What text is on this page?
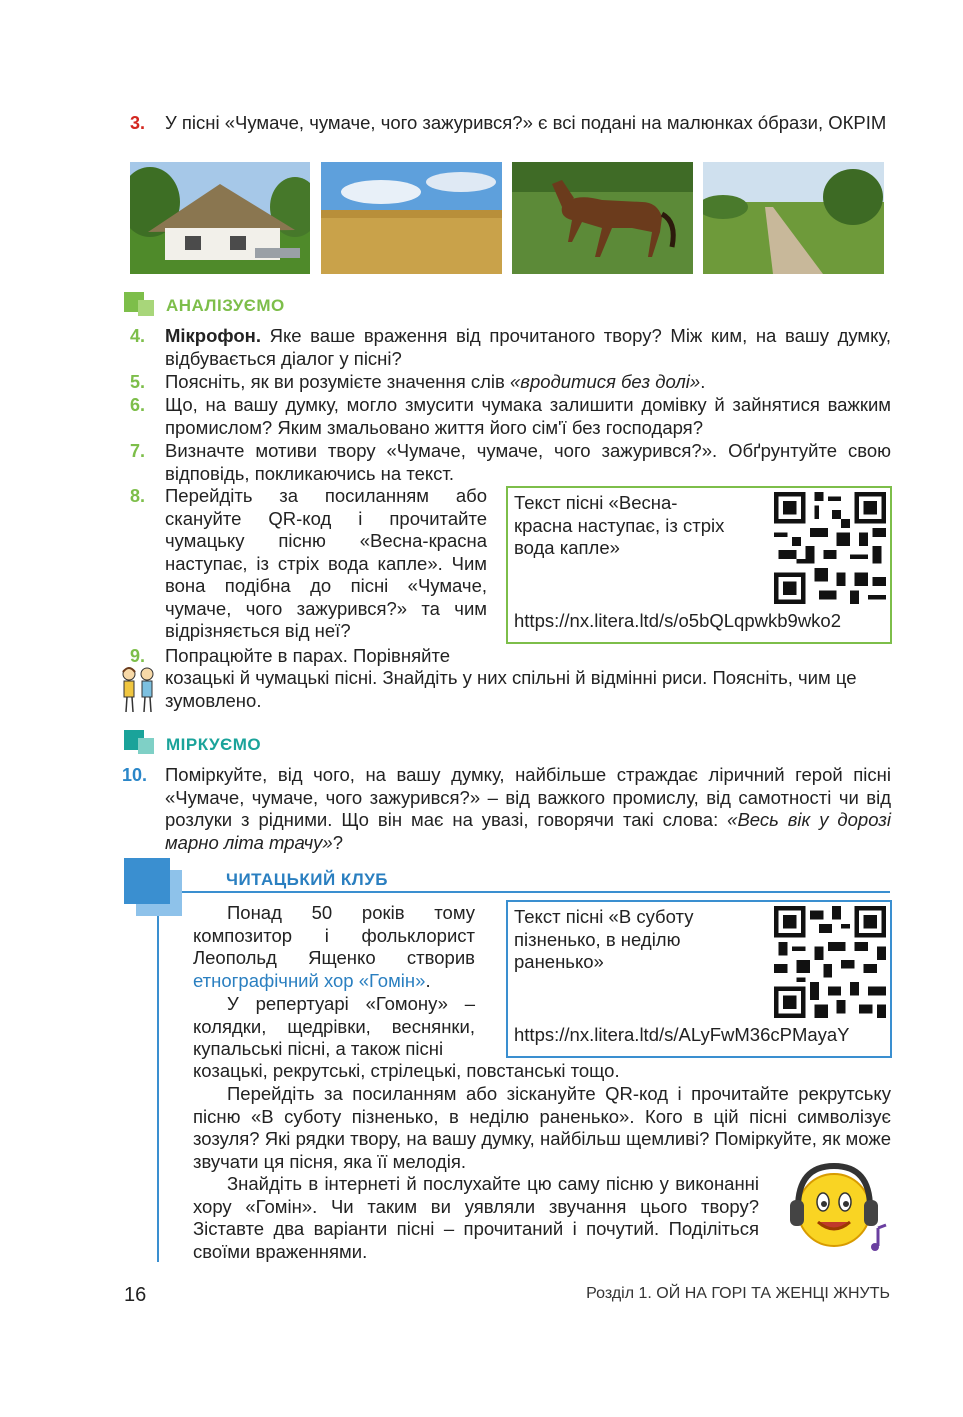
3. У пісні «Чумаче, чумаче, чого зажурився?» є всі подані на малюнках óбрази, ОКРІМ
АНАЛІЗУЄМО
4. Мікрофон. Яке ваше враження від прочитаного твору? Між ким, на вашу думку, відбувається діалог у пісні?
5. Поясніть, як ви розумієте значення слів «вродитися без долі».
6. Що, на вашу думку, могло змусити чумака залишити домівку й зайнятися важким промислом? Яким змальовано життя його сім'ї без господаря?
7. Визначте мотиви твору «Чумаче, чумаче, чого зажурився?». Обґрунтуйте свою відповідь, покликаючись на текст.
8. Перейдіть за посиланням або скануйте QR-код і прочитайте чумацьку пісню «Весна-красна наступає, із стріх вода капле». Чим вона подібна до пісні «Чумаче, чумаче, чого зажурився?» та чим відрізняється від неї?
Текст пісні «Весна-красна наступає, із стріх вода капле»
https://nx.litera.ltd/s/o5bQLqpwkb9wko2
9. Попрацюйте в парах. Порівняйте
козацькі й чумацькі пісні. Знайдіть у них спільні й відмінні риси. Поясніть, чим це зумовлено.
МІРКУЄМО
10. Поміркуйте, від чого, на вашу думку, найбільше страждає ліричний герой пісні «Чумаче, чумаче, чого зажурився?» – від важкого промислу, від самотності чи від розлуки з рідними. Що він має на увазі, говорячи такі слова: «Весь вік у дорозі марно літа трачу»?
ЧИТАЦЬКИЙ КЛУБ
Понад 50 років тому композитор і фольклорист Леопольд Ященко створив етнографічний хор «Гомін».
У репертуарі «Гомону» – колядки, щедрівки, веснянки, купальські пісні, а також пісні
козацькі, рекрутські, стрілецькі, повстанські тощо.
Текст пісні «В суботу пізненько, в неділю раненько»
https://nx.litera.ltd/s/ALyFwM36cPMayaY
Перейдіть за посиланням або зіскануйте QR-код і прочитайте рекрутську пісню «В суботу пізненько, в неділю раненько». Кого в цій пісні символізує зозуля? Які рядки твору, на вашу думку, найбільш щемливі? Поміркуйте, як може звучати ця пісня, яка її мелодія.
Знайдіть в інтернеті й послухайте цю саму пісню у виконанні хору «Гомін». Чи таким ви уявляли звучання цього твору? Зіставте два варіанти пісні – прочитаний і почутий. Поділіться своїми враженнями.
16	Розділ 1. ОЙ НА ГОРІ ТА ЖЕНЦІ ЖНУТЬ
